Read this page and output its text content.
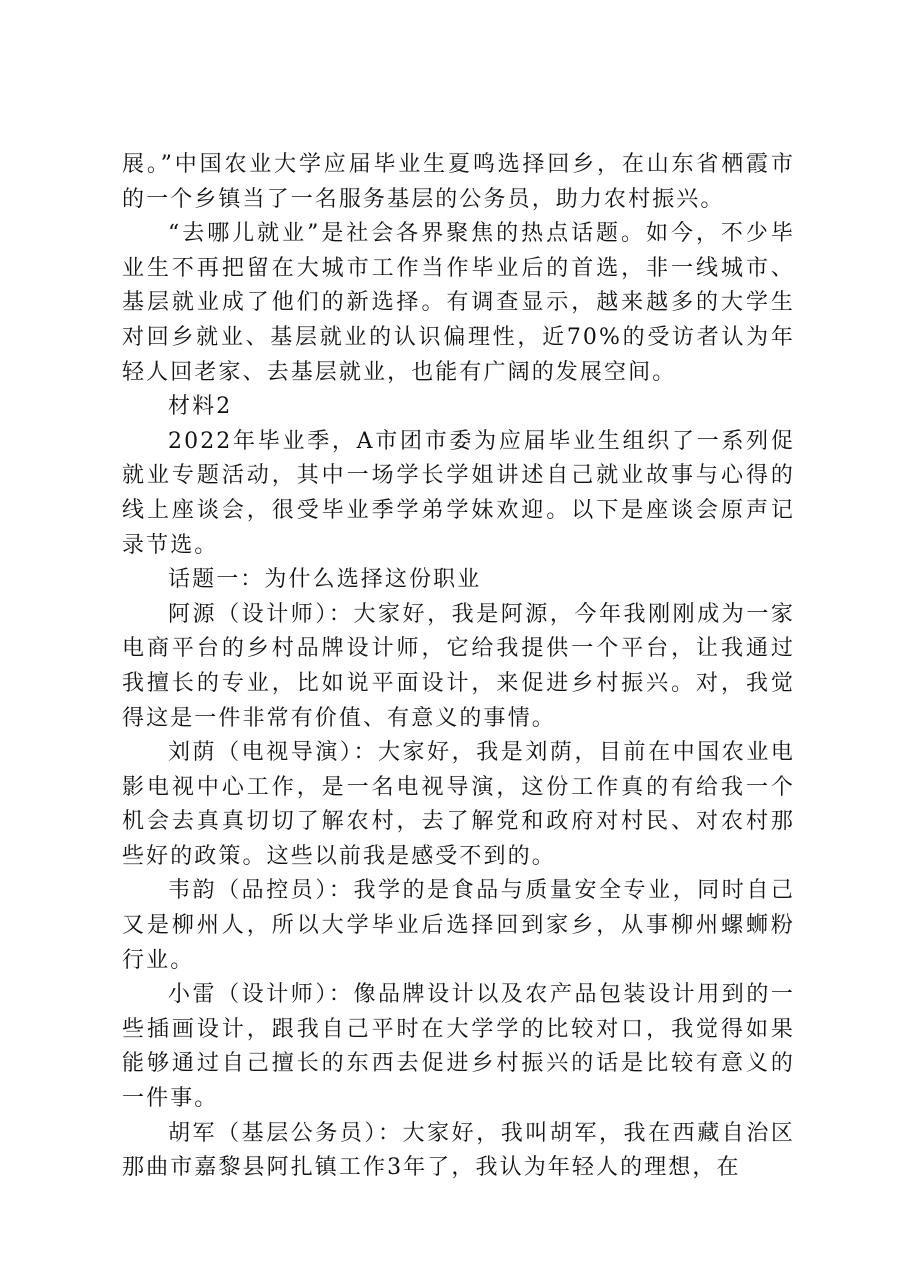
展。”中国农业大学应届毕业生夏鸣选择回乡，在山东省栖霞市的一个乡镇当了一名服务基层的公务员，助力农村振兴。

“去哪儿就业”是社会各界聚焦的热点话题。如今，不少毕业生不再把留在大城市工作当作毕业后的首选，非一线城市、基层就业成了他们的新选择。有调查显示，越来越多的大学生对回乡就业、基层就业的认识偏理性，近70%的受访者认为年轻人回老家、去基层就业，也能有广阔的发展空间。

材料2

2022年毕业季，A市团市委为应届毕业生组织了一系列促就业专题活动，其中一场学长学姐讲述自己就业故事与心得的线上座谈会，很受毕业季学弟学妹欢迎。以下是座谈会原声记录节选。

话题一：为什么选择这份职业

阿源（设计师）：大家好，我是阿源，今年我刚刚成为一家电商平台的乡村品牌设计师，它给我提供一个平台，让我通过我擅长的专业，比如说平面设计，来促进乡村振兴。对，我觉得这是一件非常有价值、有意义的事情。

刘荫（电视导演）：大家好，我是刘荫，目前在中国农业电影电视中心工作，是一名电视导演，这份工作真的有给我一个机会去真真切切了解农村，去了解党和政府对村民、对农村那些好的政策。这些以前我是感受不到的。

韦韵（品控员）：我学的是食品与质量安全专业，同时自己又是柳州人，所以大学毕业后选择回到家乡，从事柳州螺蛳粉行业。

小雷（设计师）：像品牌设计以及农产品包装设计用到的一些插画设计，跟我自己平时在大学学的比较对口，我觉得如果能够通过自己擅长的东西去促进乡村振兴的话是比较有意义的一件事。

胡军（基层公务员）：大家好，我叫胡军，我在西藏自治区那曲市嘉黎县阿扎镇工作3年了，我认为年轻人的理想，在
